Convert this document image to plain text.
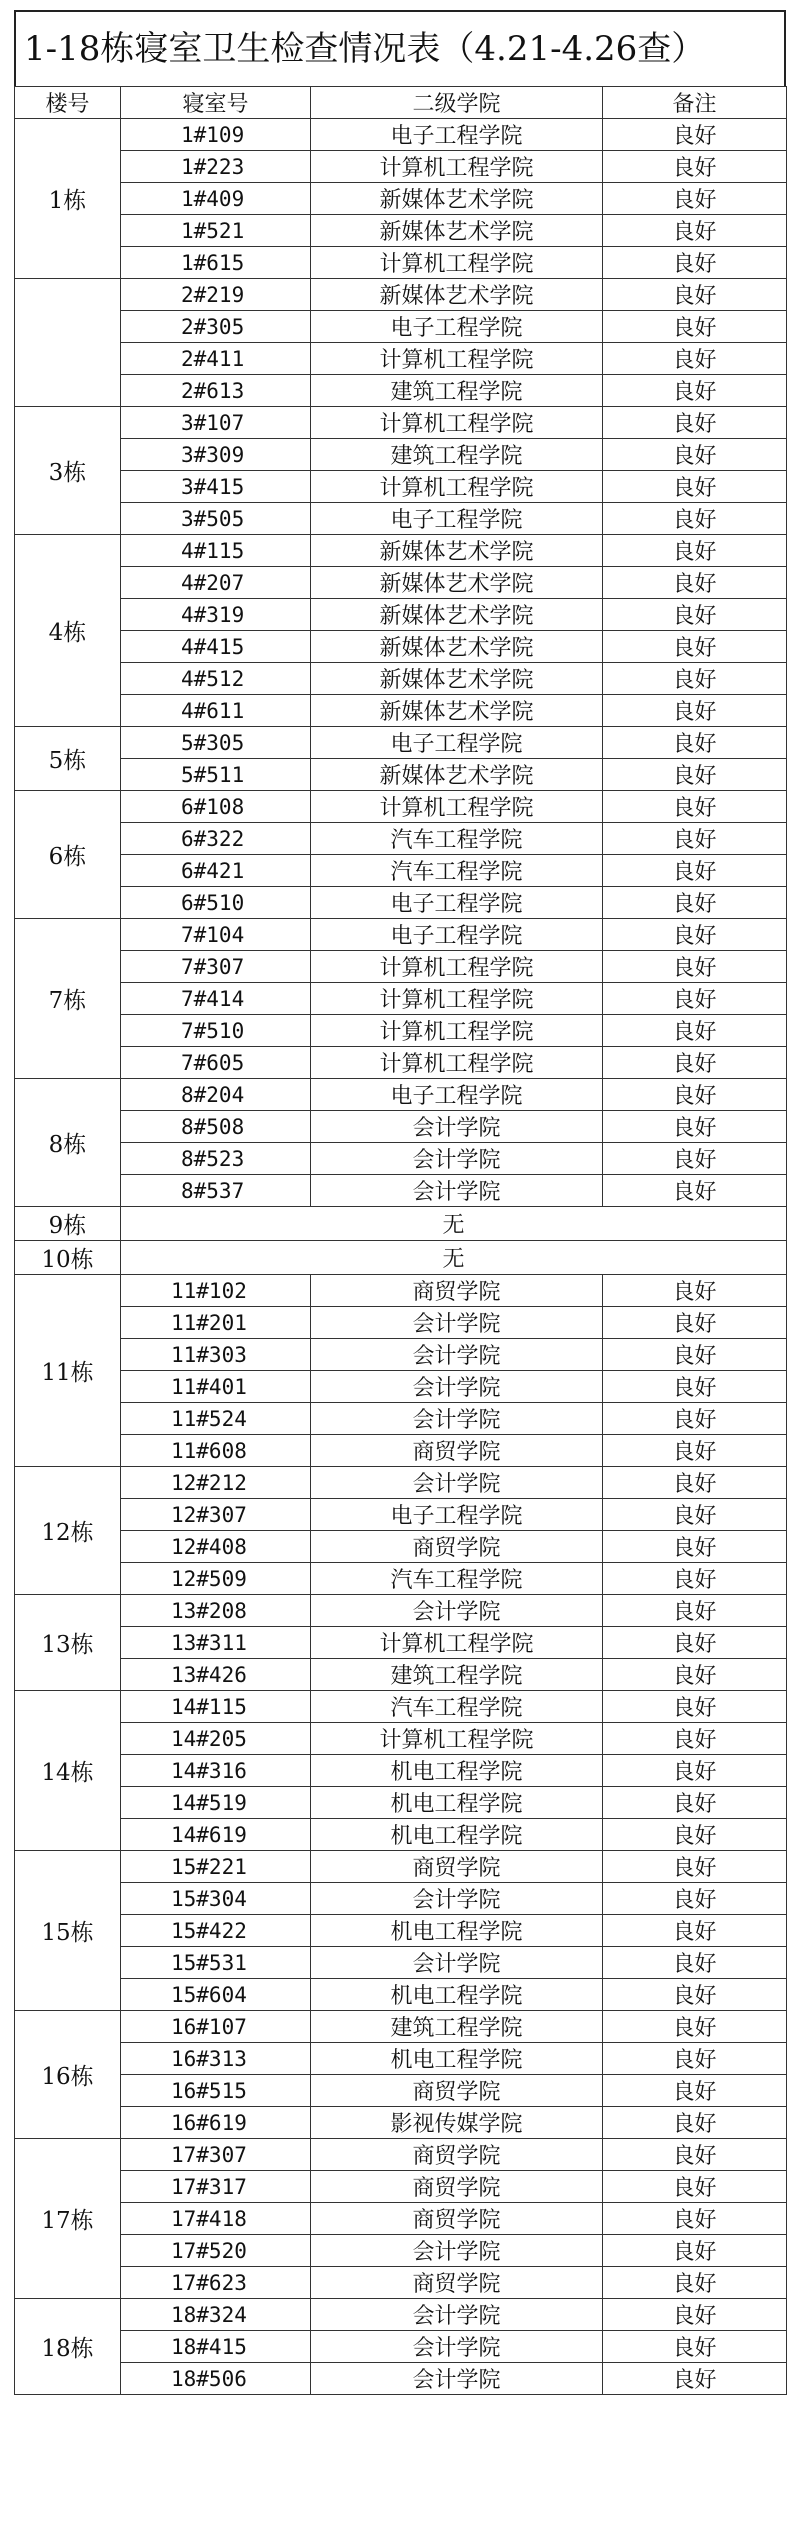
1-18栋寝室卫生检查情况表（4.21-4.26查）
楼号	寝室号	二级学院	备注
1栋	1#109	电子工程学院	良好
	1#223	计算机工程学院	良好
	1#409	新媒体艺术学院	良好
	1#521	新媒体艺术学院	良好
	1#615	计算机工程学院	良好
	2#219	新媒体艺术学院	良好
	2#305	电子工程学院	良好
	2#411	计算机工程学院	良好
	2#613	建筑工程学院	良好
3栋	3#107	计算机工程学院	良好
	3#309	建筑工程学院	良好
	3#415	计算机工程学院	良好
	3#505	电子工程学院	良好
4栋	4#115	新媒体艺术学院	良好
	4#207	新媒体艺术学院	良好
	4#319	新媒体艺术学院	良好
	4#415	新媒体艺术学院	良好
	4#512	新媒体艺术学院	良好
	4#611	新媒体艺术学院	良好
5栋	5#305	电子工程学院	良好
	5#511	新媒体艺术学院	良好
6栋	6#108	计算机工程学院	良好
	6#322	汽车工程学院	良好
	6#421	汽车工程学院	良好
	6#510	电子工程学院	良好
7栋	7#104	电子工程学院	良好
	7#307	计算机工程学院	良好
	7#414	计算机工程学院	良好
	7#510	计算机工程学院	良好
	7#605	计算机工程学院	良好
8栋	8#204	电子工程学院	良好
	8#508	会计学院	良好
	8#523	会计学院	良好
	8#537	会计学院	良好
9栋	无		
10栋	无		
11栋	11#102	商贸学院	良好
	11#201	会计学院	良好
	11#303	会计学院	良好
	11#401	会计学院	良好
	11#524	会计学院	良好
	11#608	商贸学院	良好
12栋	12#212	会计学院	良好
	12#307	电子工程学院	良好
	12#408	商贸学院	良好
	12#509	汽车工程学院	良好
13栋	13#208	会计学院	良好
	13#311	计算机工程学院	良好
	13#426	建筑工程学院	良好
14栋	14#115	汽车工程学院	良好
	14#205	计算机工程学院	良好
	14#316	机电工程学院	良好
	14#519	机电工程学院	良好
	14#619	机电工程学院	良好
15栋	15#221	商贸学院	良好
	15#304	会计学院	良好
	15#422	机电工程学院	良好
	15#531	会计学院	良好
	15#604	机电工程学院	良好
16栋	16#107	建筑工程学院	良好
	16#313	机电工程学院	良好
	16#515	商贸学院	良好
	16#619	影视传媒学院	良好
17栋	17#307	商贸学院	良好
	17#317	商贸学院	良好
	17#418	商贸学院	良好
	17#520	会计学院	良好
	17#623	商贸学院	良好
18栋	18#324	会计学院	良好
	18#415	会计学院	良好
	18#506	会计学院	良好
